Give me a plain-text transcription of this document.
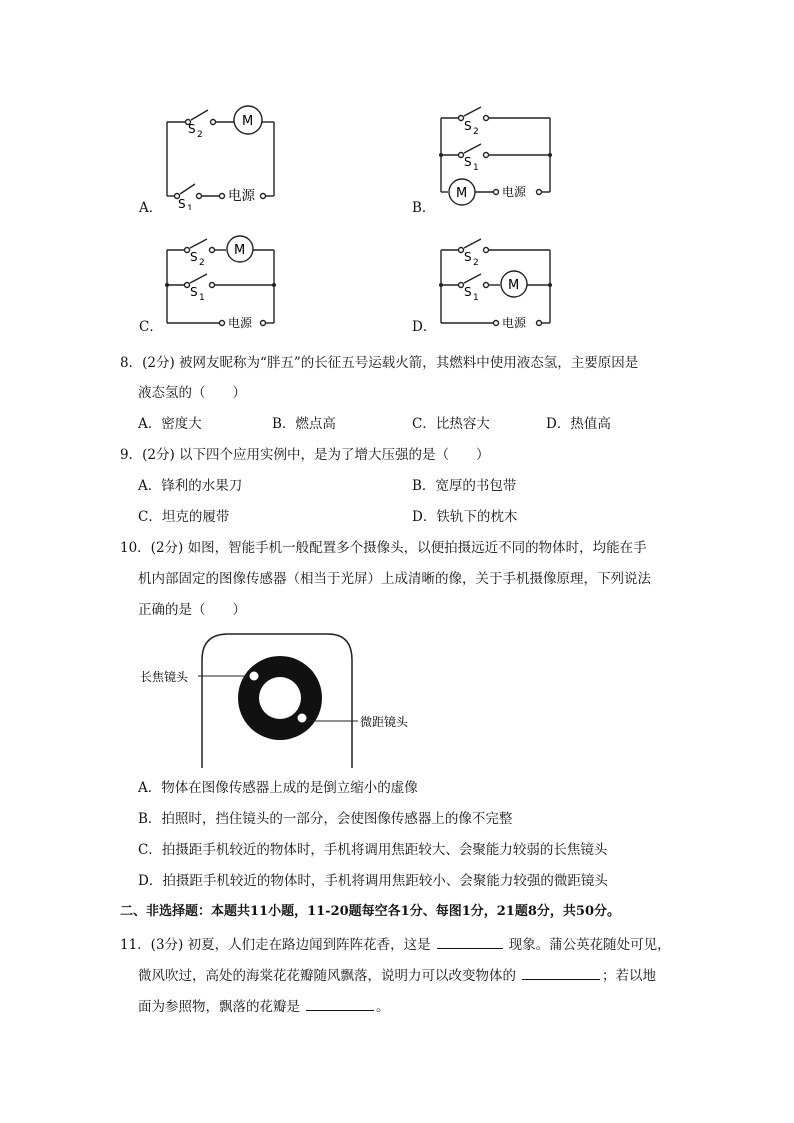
A．
M
S 2
S 1
电源
B．
M
S 2
S 1
电源
C．
M
S 2
S 1
电源	D．
M
S 2
S 1
电源
8．(2分) 被网友昵称为“胖五”的长征五号运载火箭，其燃料中使用液态氢，主要原因是
液态氢的（　　）
A．密度大	B．燃点高	C．比热容大	D．热值高
9．(2分) 以下四个应用实例中，是为了增大压强的是（　　）
A．锋利的水果刀	B．宽厚的书包带
C．坦克的履带	D．铁轨下的枕木
10．(2分) 如图，智能手机一般配置多个摄像头，以便拍摄远近不同的物体时，均能在手
机内部固定的图像传感器（相当于光屏）上成清晰的像，关于手机摄像原理，下列说法
正确的是（　　）
长焦镜头
微距镜头
A．物体在图像传感器上成的是倒立缩小的虚像
B．拍照时，挡住镜头的一部分，会使图像传感器上的像不完整
C．拍摄距手机较近的物体时，手机将调用焦距较大、会聚能力较弱的长焦镜头
D．拍摄距手机较近的物体时，手机将调用焦距较小、会聚能力较强的微距镜头
二、非选择题：本题共11小题，11-20题每空各1分、每图1分，21题8分，共50分。
11．(3分) 初夏，人们走在路边闻到阵阵花香，这是	现象。蒲公英花随处可见，
微风吹过，高处的海棠花花瓣随风飘落，说明力可以改变物体的	；若以地
面为参照物，飘落的花瓣是	。
